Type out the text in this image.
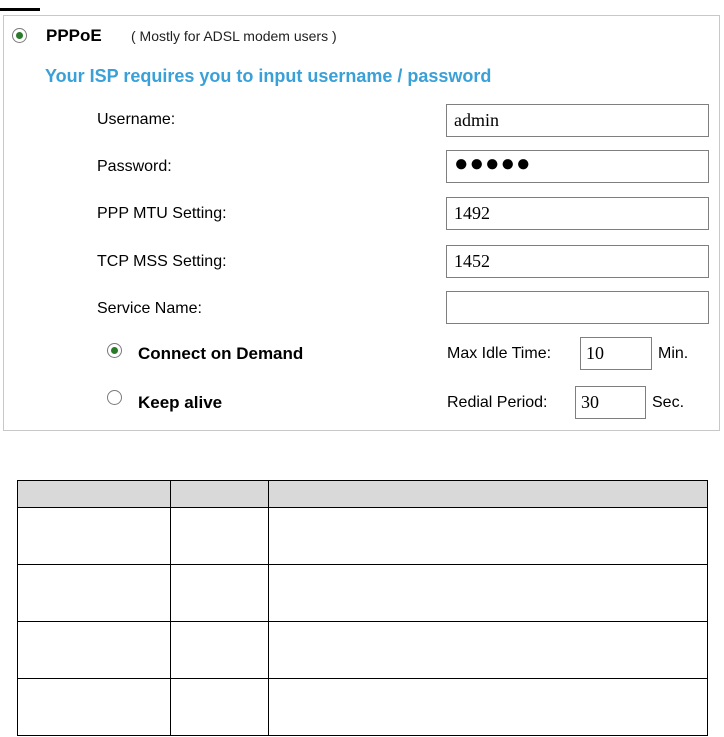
PPPoE ( Mostly for ADSL modem users )
Your ISP requires you to input username / password
Username:	admin
Password:	●●●●●
PPP MTU Setting:	1492
TCP MSS Setting:	1452
Service Name:
Connect on Demand	Max Idle Time:	10	Min.
Keep alive	Redial Period:	30	Sec.
